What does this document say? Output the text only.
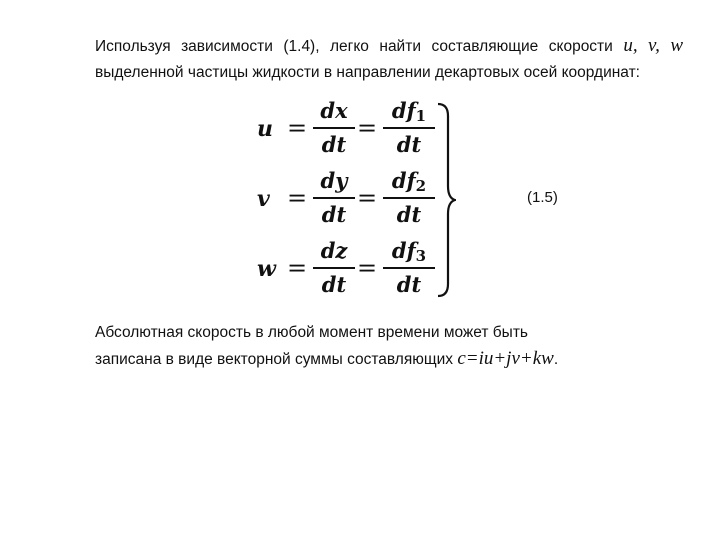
Используя зависимости (1.4), легко найти составляющие скорости u, v, w выделенной частицы жидкости в направлении декартовых осей координат:
u =
dx
dt
=
$df_1$
dt
v =
dy
dt
=
$df_2$
dt
w =
dz
dt
=
$df_3$
dt
(1.5)
Абсолютная скорость в любой момент времени может быть
записана в виде векторной суммы составляющих c=iu+jv+kw.
